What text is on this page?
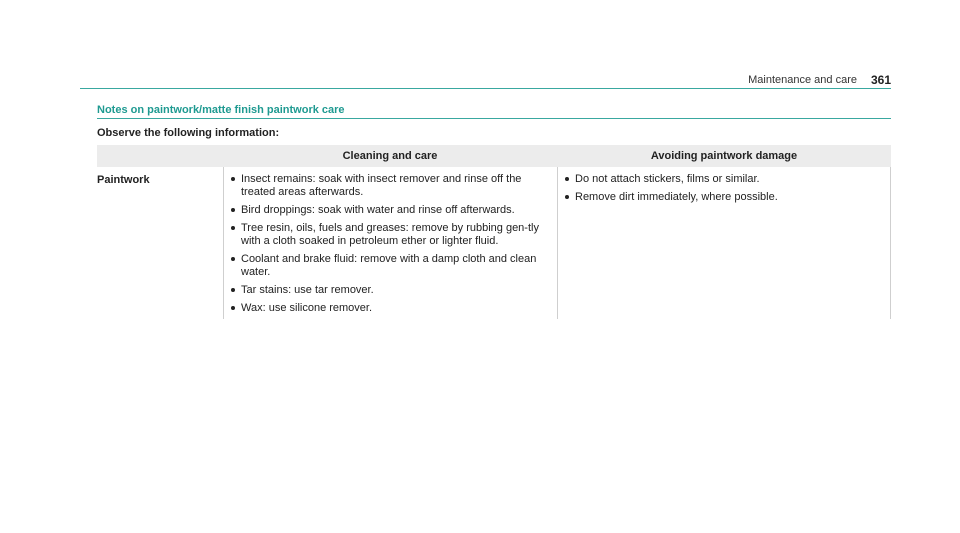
Maintenance and care 361
Notes on paintwork/matte finish paintwork care
Observe the following information:
Cleaning and care	Avoiding paintwork damage
Paintwork	Insect remains: soak with insect remover and rinse off the treated areas afterwards.
Bird droppings: soak with water and rinse off afterwards.
Tree resin, oils, fuels and greases: remove by rubbing gen-tly with a cloth soaked in petroleum ether or lighter fluid.
Coolant and brake fluid: remove with a damp cloth and clean water.
Tar stains: use tar remover.
Wax: use silicone remover.
Do not attach stickers, films or similar.
Remove dirt immediately, where possible.
